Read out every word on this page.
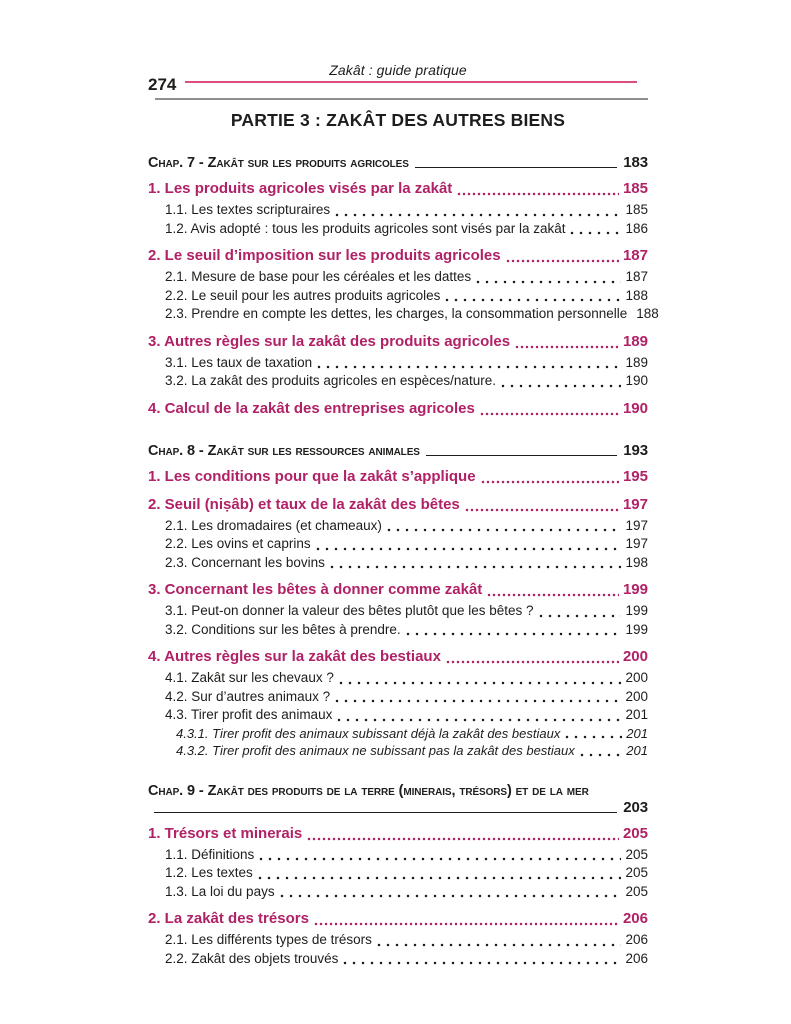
Zakât : guide pratique
274
PARTIE 3 : ZAKÂT DES AUTRES BIENS
Chap. 7 - Zakât sur les produits agricoles	183
1. Les produits agricoles visés par la zakât	185
1.1. Les textes scripturaires	185
1.2. Avis adopté : tous les produits agricoles sont visés par la zakât	186
2. Le seuil d’imposition sur les produits agricoles	187
2.1. Mesure de base pour les céréales et les dattes	187
2.2. Le seuil pour les autres produits agricoles	188
2.3. Prendre en compte les dettes, les charges, la consommation personnelle 188
3. Autres règles sur la zakât des produits agricoles	189
3.1. Les taux de taxation	189
3.2. La zakât des produits agricoles en espèces/nature.	190
4. Calcul de la zakât des entreprises agricoles	190
Chap. 8 - Zakât sur les ressources animales	193
1. Les conditions pour que la zakât s’applique	195
2. Seuil (niṣâb) et taux de la zakât des bêtes	197
2.1. Les dromadaires (et chameaux)	197
2.2. Les ovins et caprins	197
2.3. Concernant les bovins	198
3. Concernant les bêtes à donner comme zakât	199
3.1. Peut-on donner la valeur des bêtes plutôt que les bêtes ?	199
3.2. Conditions sur les bêtes à prendre.	199
4. Autres règles sur la zakât des bestiaux	200
4.1. Zakât sur les chevaux ?	200
4.2. Sur d’autres animaux ?	200
4.3. Tirer profit des animaux	201
4.3.1. Tirer profit des animaux subissant déjà la zakât des bestiaux	201
4.3.2. Tirer profit des animaux ne subissant pas la zakât des bestiaux	201
Chap. 9 - Zakât des produits de la terre (minerais, trésors) et de la mer
203
1. Trésors et minerais	205
1.1. Définitions	205
1.2. Les textes	205
1.3. La loi du pays	205
2. La zakât des trésors	206
2.1. Les différents types de trésors	206
2.2. Zakât des objets trouvés	206
